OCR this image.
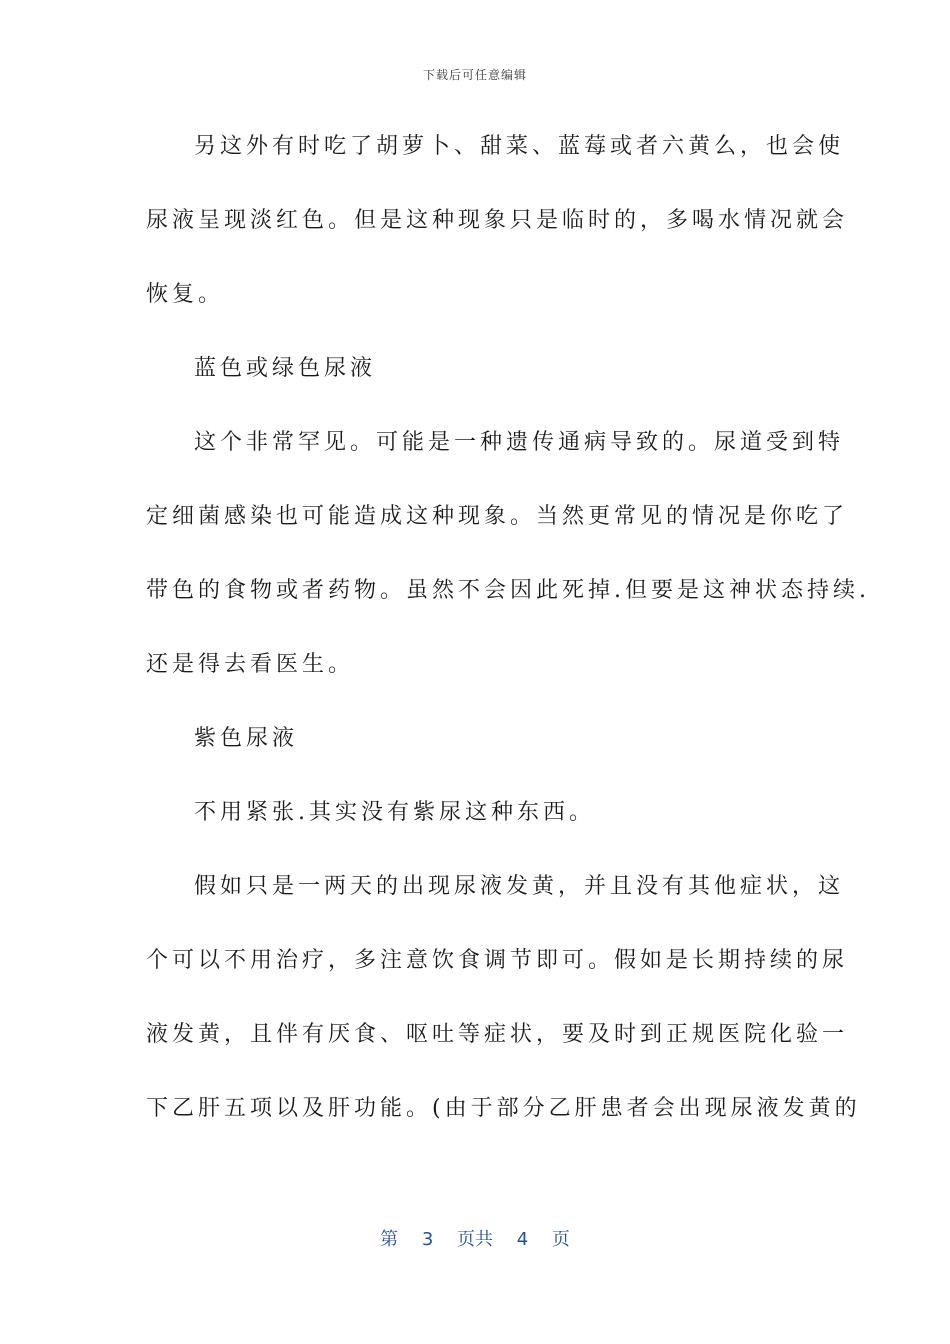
下载后可任意编辑
另这外有时吃了胡萝卜、甜菜、蓝莓或者六黄么，也会使
尿液呈现淡红色。但是这种现象只是临时的，多喝水情况就会
恢复。
蓝色或绿色尿液
这个非常罕见。可能是一种遗传通病导致的。尿道受到特
定细菌感染也可能造成这种现象。当然更常见的情况是你吃了
带色的食物或者药物。虽然不会因此死掉.但要是这神状态持续.
还是得去看医生。
紫色尿液
不用紧张.其实没有紫尿这种东西。
假如只是一两天的出现尿液发黄，并且没有其他症状，这
个可以不用治疗，多注意饮食调节即可。假如是长期持续的尿
液发黄，且伴有厌食、呕吐等症状，要及时到正规医院化验一
下乙肝五项以及肝功能。(由于部分乙肝患者会出现尿液发黄的
第 3 页共 4 页
